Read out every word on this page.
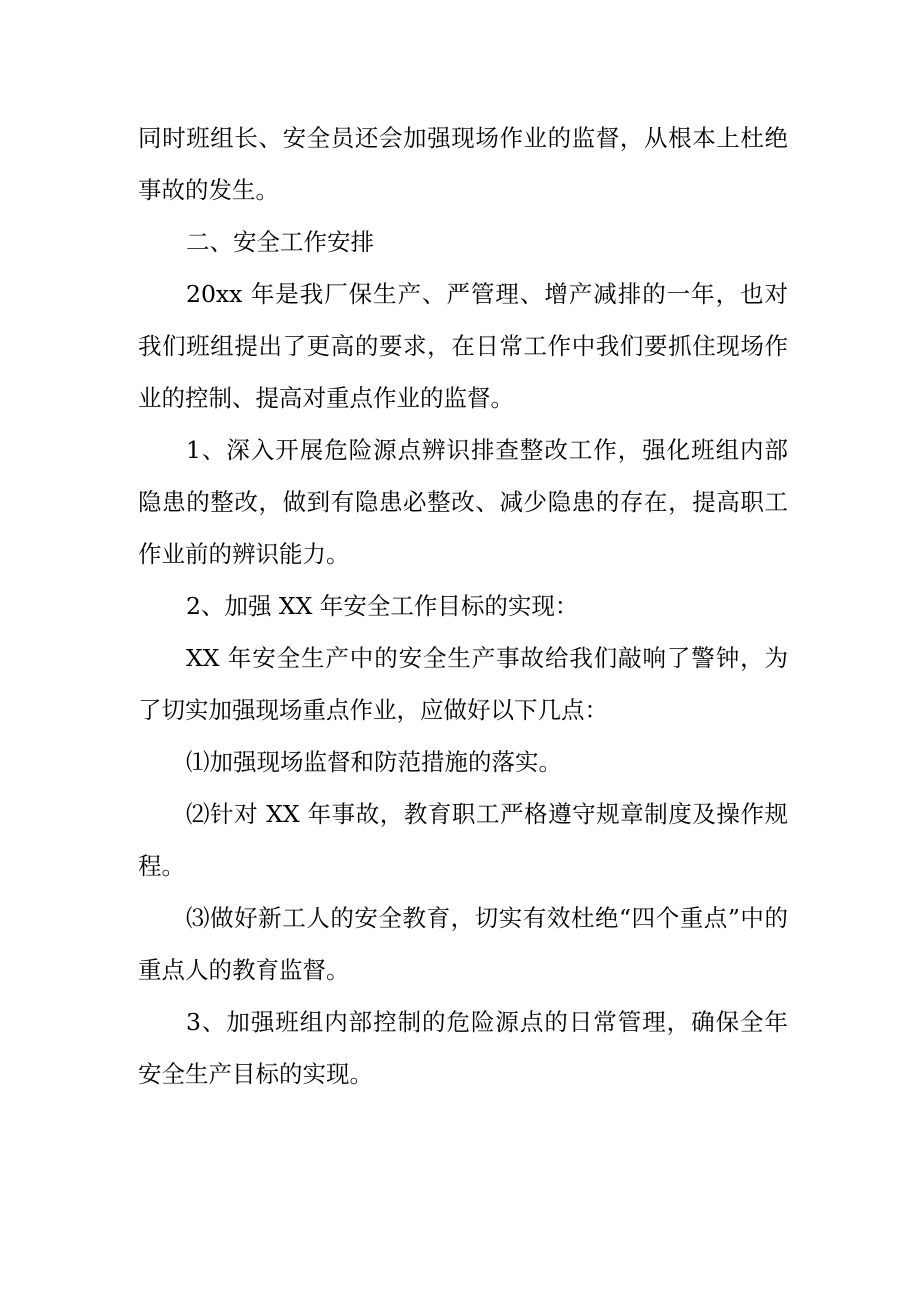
同时班组长、安全员还会加强现场作业的监督，从根本上杜绝事故的发生。

二、安全工作安排

20xx 年是我厂保生产、严管理、增产减排的一年，也对我们班组提出了更高的要求，在日常工作中我们要抓住现场作业的控制、提高对重点作业的监督。

1、深入开展危险源点辨识排查整改工作，强化班组内部隐患的整改，做到有隐患必整改、减少隐患的存在，提高职工作业前的辨识能力。

2、加强 XX 年安全工作目标的实现：

XX 年安全生产中的安全生产事故给我们敲响了警钟，为了切实加强现场重点作业，应做好以下几点：

⑴加强现场监督和防范措施的落实。

⑵针对 XX 年事故，教育职工严格遵守规章制度及操作规程。

⑶做好新工人的安全教育，切实有效杜绝“四个重点”中的重点人的教育监督。

3、加强班组内部控制的危险源点的日常管理，确保全年安全生产目标的实现。
